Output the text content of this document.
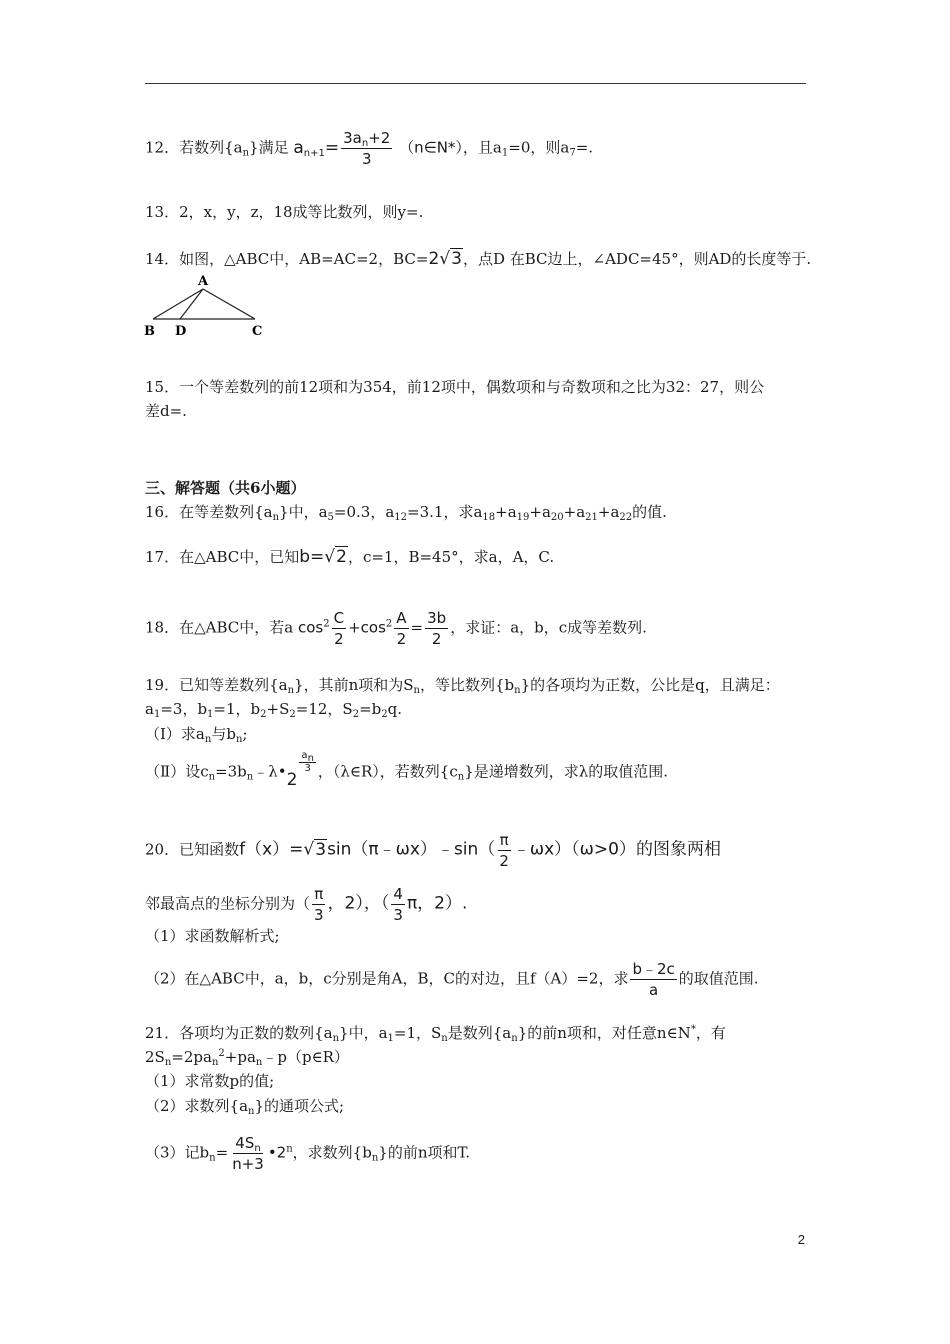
12．若数列$\{a_n\}$满足 $a_{n+1}= \frac{3a_n+2}{3}$ （n∈N*），且$a_1=0$，则$a_7=$.
13．2，x，y，z，18成等比数列，则y=.
14．如图，△ABC中，AB=AC=2，BC=2√3，点D 在BC边上，∠ADC=45°，则AD的长度等于.
A
B D	C
15．一个等差数列的前12项和为354，前12项中，偶数项和与奇数项和之比为32：27，则公
差d=.
三、解答题（共6小题）
16．在等差数列$\{a_n\}$中，$a_5=0.3$，$a_{12}=3.1$，求$a_{18}+a_{19}+a_{20}+a_{21}+a_{22}$的值.
17．在△ABC中，已知b=√2，c=1，B=45°，求a，A，C.
18．在△ABC中，若a $\cos^2 \frac{C}{2} +\cos^2 \frac{A}{2} = \frac{3b}{2}$ ，求证：a，b，c成等差数列.
19．已知等差数列$\{a_n\}$，其前n项和为$S_n$，等比数列$\{b_n\}$的各项均为正数，公比是q，且满足：
$a_1=3$，$b_1=1$，$b_2+S_2=12$，$S_2=b_2q$.
（Ⅰ）求$a_n$与$b_n$;
（Ⅱ）设$c_n=3b_n﹣\lambda•2$
$\frac{a_n}{3}$ ，（λ∈R），若数列$\{c_n\}$是递增数列，求λ的取值范围.
20．已知函数f（x）=√3sin（π﹣ωx）﹣sin（ $\frac{\pi}{2}$ ﹣ωx）（ω>0）的图象两相
邻最高点的坐标分别为（ $\frac{\pi}{3}$ ，2），（ $\frac{4}{3}$ π，2）.
（1）求函数解析式;
（2）在△ABC中，a，b，c分别是角A，B，C的对边，且f（A）=2，求 $\frac{b﹣2c}{a}$ 的取值范围.
21．各项均为正数的数列$\{a_n\}$中，$a_1=1$，$S_n$是数列$\{a_n\}$的前n项和，对任意n∈N*，有
$2S_n=2pa_n^2+pa_n﹣p(p\in R)$
（1）求常数p的值;
（2）求数列$\{a_n\}$的通项公式;
（3）记$b_n= \frac{4S_n}{n+3}$ •2$^n$，求数列$\{b_n\}$的前n项和T.
2
